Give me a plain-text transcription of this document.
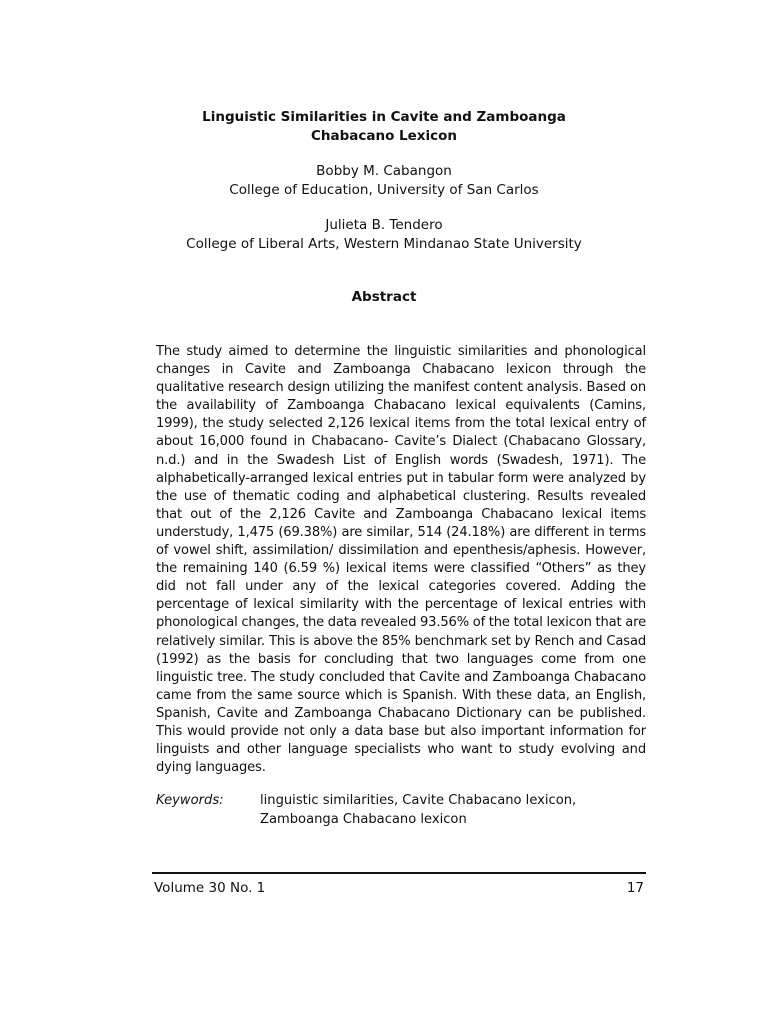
Linguistic Similarities in Cavite and Zamboanga
Chabacano Lexicon
Bobby M. Cabangon
College of Education, University of San Carlos
Julieta B. Tendero
College of Liberal Arts, Western Mindanao State University
Abstract
The study aimed to determine the linguistic similarities and phonological changes in Cavite and Zamboanga Chabacano lexicon through the qualitative research design utilizing the manifest content analysis. Based on the availability of Zamboanga Chabacano lexical equivalents (Camins, 1999), the study selected 2,126 lexical items from the total lexical entry of about 16,000 found in Chabacano- Cavite’s Dialect (Chabacano Glossary, n.d.) and in the Swadesh List of English words (Swadesh, 1971). The alphabetically-arranged lexical entries put in tabular form were analyzed by the use of thematic coding and alphabetical clustering. Results revealed that out of the 2,126 Cavite and Zamboanga Chabacano lexical items understudy, 1,475 (69.38%) are similar, 514 (24.18%) are different in terms of vowel shift, assimilation/ dissimilation and epenthesis/aphesis. However, the remaining 140 (6.59 %) lexical items were classified “Others” as they did not fall under any of the lexical categories covered. Adding the percentage of lexical similarity with the percentage of lexical entries with phonological changes, the data revealed 93.56% of the total lexicon that are relatively similar. This is above the 85% benchmark set by Rench and Casad (1992) as the basis for concluding that two languages come from one linguistic tree. The study concluded that Cavite and Zamboanga Chabacano came from the same source which is Spanish. With these data, an English, Spanish, Cavite and Zamboanga Chabacano Dictionary can be published. This would provide not only a data base but also important information for linguists and other language specialists who want to study evolving and dying languages.
Keywords:	linguistic similarities, Cavite Chabacano lexicon, Zamboanga Chabacano lexicon
Volume 30 No. 1	17
